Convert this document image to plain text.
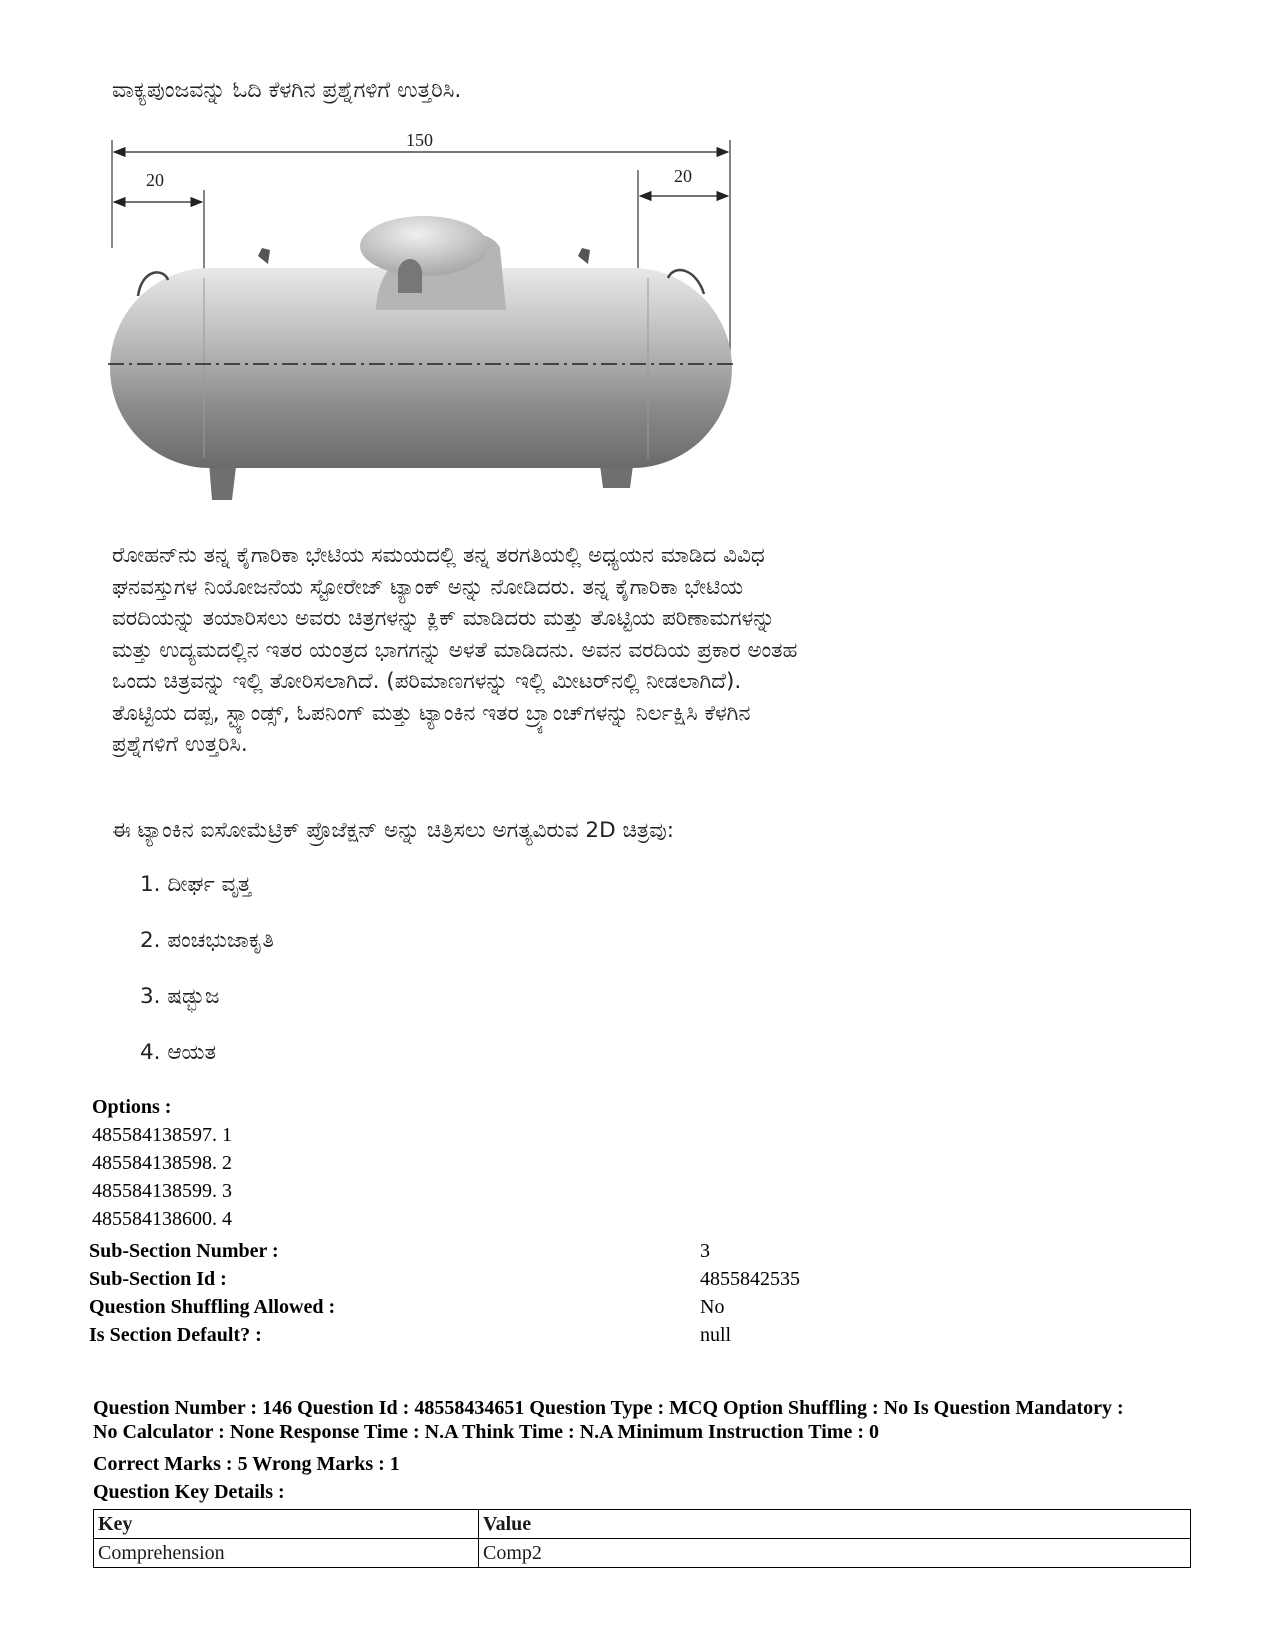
ವಾಕ್ಯಪುಂಜವನ್ನು ಓದಿ ಕೆಳಗಿನ ಪ್ರಶ್ನೆಗಳಿಗೆ ಉತ್ತರಿಸಿ.
150
20	20
ರೋಹನ್‌ನು ತನ್ನ ಕೈಗಾರಿಕಾ ಭೇಟಿಯ ಸಮಯದಲ್ಲಿ ತನ್ನ ತರಗತಿಯಲ್ಲಿ ಅಧ್ಯಯನ ಮಾಡಿದ ವಿವಿಧ
ಘನವಸ್ತುಗಳ ನಿಯೋಜನೆಯ ಸ್ಟೋರೇಜ್ ಟ್ಯಾಂಕ್ ಅನ್ನು ನೋಡಿದರು. ತನ್ನ ಕೈಗಾರಿಕಾ ಭೇಟಿಯ
ವರದಿಯನ್ನು ತಯಾರಿಸಲು ಅವರು ಚಿತ್ರಗಳನ್ನು ಕ್ಲಿಕ್ ಮಾಡಿದರು ಮತ್ತು ತೊಟ್ಟಿಯ ಪರಿಣಾಮಗಳನ್ನು
ಮತ್ತು ಉದ್ಯಮದಲ್ಲಿನ ಇತರ ಯಂತ್ರದ ಭಾಗಗನ್ನು ಅಳತೆ ಮಾಡಿದನು. ಅವನ ವರದಿಯ ಪ್ರಕಾರ ಅಂತಹ
ಒಂದು ಚಿತ್ರವನ್ನು ಇಲ್ಲಿ ತೋರಿಸಲಾಗಿದೆ. (ಪರಿಮಾಣಗಳನ್ನು ಇಲ್ಲಿ ಮೀಟರ್‌ನಲ್ಲಿ ನೀಡಲಾಗಿದೆ).
ತೊಟ್ಟಿಯ ದಪ್ಪ, ಸ್ಟ್ಯಾಂಡ್ಸ್, ಓಪನಿಂಗ್ ಮತ್ತು ಟ್ಯಾಂಕಿನ ಇತರ ಬ್ರ್ಯಾಂಚ್‌ಗಳನ್ನು ನಿರ್ಲಕ್ಷಿಸಿ ಕೆಳಗಿನ
ಪ್ರಶ್ನೆಗಳಿಗೆ ಉತ್ತರಿಸಿ.
ಈ ಟ್ಯಾಂಕಿನ ಐಸೋಮೆಟ್ರಿಕ್ ಪ್ರೊಜೆಕ್ಷನ್ ಅನ್ನು ಚಿತ್ರಿಸಲು ಅಗತ್ಯವಿರುವ 2D ಚಿತ್ರವು:
1. ದೀರ್ಘ ವೃತ್ತ
2. ಪಂಚಭುಜಾಕೃತಿ
3. ಷಡ್ಭುಜ
4. ಆಯತ
Options :
485584138597. 1
485584138598. 2
485584138599. 3
485584138600. 4
Sub-Section Number :	3
Sub-Section Id :	4855842535
Question Shuffling Allowed :	No
Is Section Default? :	null
Question Number : 146 Question Id : 48558434651 Question Type : MCQ Option Shuffling : No Is Question Mandatory :
No Calculator : None Response Time : N.A Think Time : N.A Minimum Instruction Time : 0
Correct Marks : 5 Wrong Marks : 1
Question Key Details :
Key	Value
Comprehension	Comp2
